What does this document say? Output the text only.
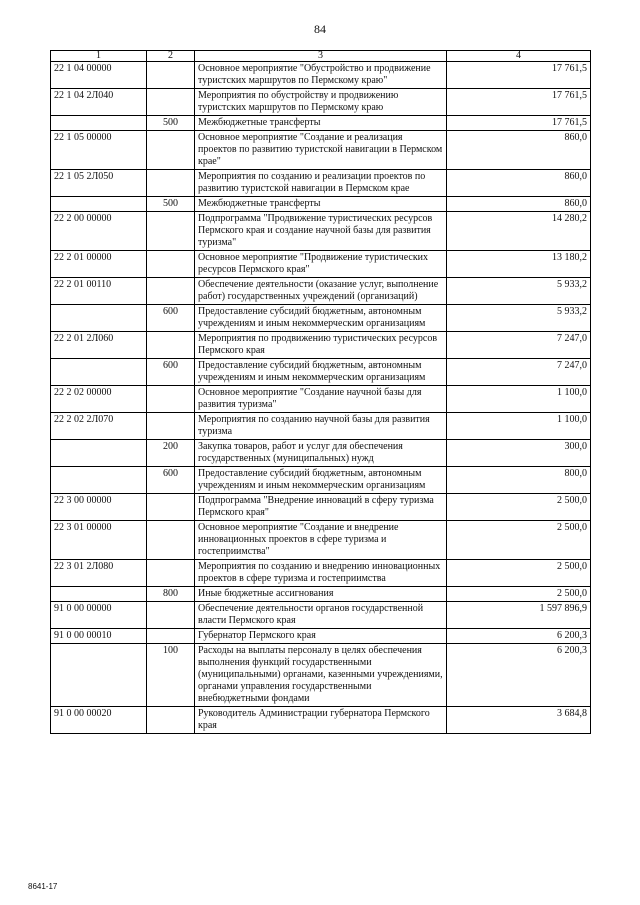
84
1	2	3	4
22 1 04 00000		Основное мероприятие "Обустройство и продвижение туристских маршрутов по Пермскому краю"	17 761,5
22 1 04 2Л040		Мероприятия по обустройству и продвижению туристских маршрутов по Пермскому краю	17 761,5
	500	Межбюджетные трансферты	17 761,5
22 1 05 00000		Основное мероприятие "Создание и реализация проектов по развитию туристской навигации в Пермском крае"	860,0
22 1 05 2Л050		Мероприятия по созданию и реализации проектов по развитию туристской навигации в Пермском крае	860,0
	500	Межбюджетные трансферты	860,0
22 2 00 00000		Подпрограмма "Продвижение туристических ресурсов Пермского края и создание научной базы для развития туризма"	14 280,2
22 2 01 00000		Основное мероприятие "Продвижение туристических ресурсов Пермского края"	13 180,2
22 2 01 00110		Обеспечение деятельности (оказание услуг, выполнение работ) государственных учреждений (организаций)	5 933,2
	600	Предоставление субсидий бюджетным, автономным учреждениям и иным некоммерческим организациям	5 933,2
22 2 01 2Л060		Мероприятия по продвижению туристических ресурсов Пермского края	7 247,0
	600	Предоставление субсидий бюджетным, автономным учреждениям и иным некоммерческим организациям	7 247,0
22 2 02 00000		Основное мероприятие "Создание научной базы для развития туризма"	1 100,0
22 2 02 2Л070		Мероприятия по созданию научной базы для развития туризма	1 100,0
	200	Закупка товаров, работ и услуг для обеспечения государственных (муниципальных) нужд	300,0
	600	Предоставление субсидий бюджетным, автономным учреждениям и иным некоммерческим организациям	800,0
22 3 00 00000		Подпрограмма "Внедрение инноваций в сферу туризма Пермского края"	2 500,0
22 3 01 00000		Основное мероприятие "Создание и внедрение инновационных проектов в сфере туризма и гостеприимства"	2 500,0
22 3 01 2Л080		Мероприятия по созданию и внедрению инновационных проектов в сфере туризма и гостеприимства	2 500,0
	800	Иные бюджетные ассигнования	2 500,0
91 0 00 00000		Обеспечение деятельности органов государственной власти Пермского края	1 597 896,9
91 0 00 00010		Губернатор Пермского края	6 200,3
	100	Расходы на выплаты персоналу в целях обеспечения выполнения функций государственными (муниципальными) органами, казенными учреждениями, органами управления государственными внебюджетными фондами	6 200,3
91 0 00 00020		Руководитель Администрации губернатора Пермского края	3 684,8
8641-17
